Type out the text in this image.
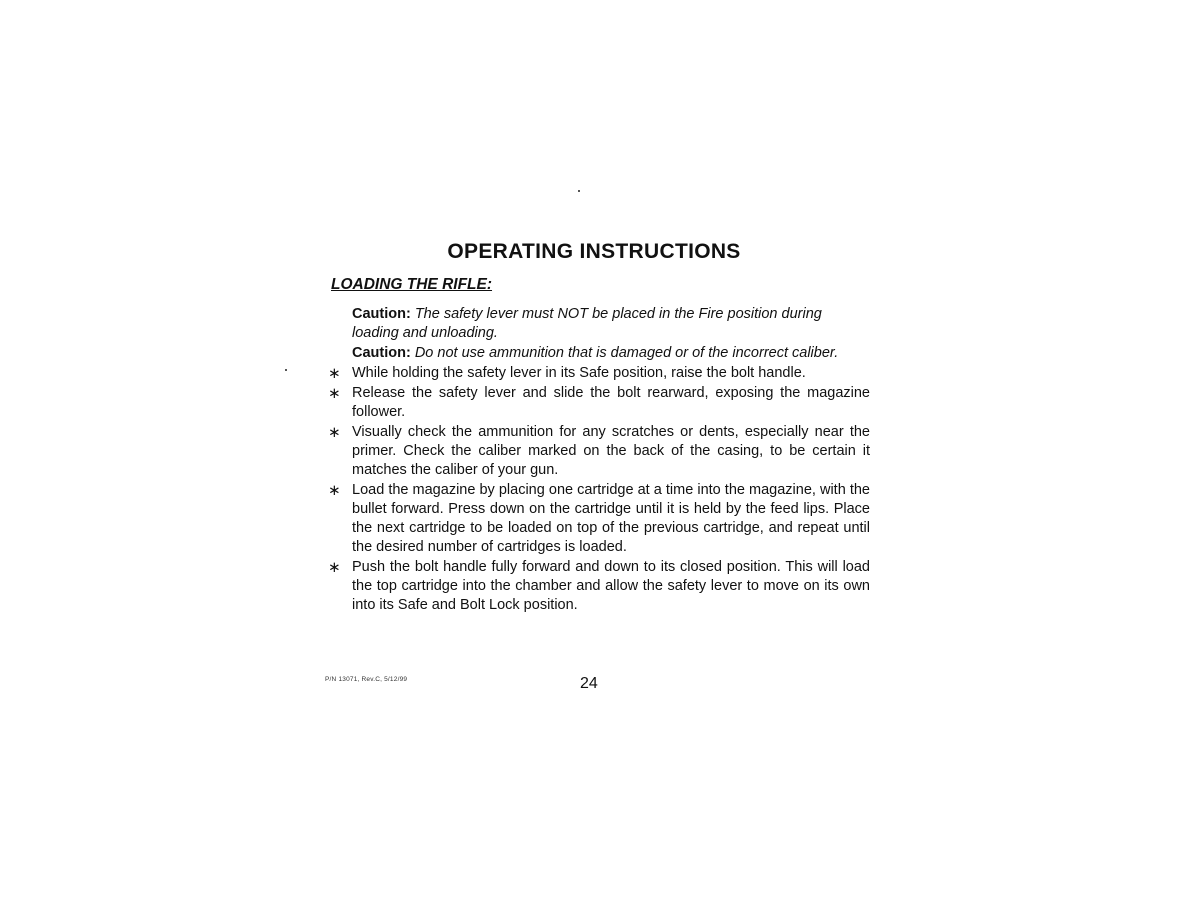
OPERATING INSTRUCTIONS
LOADING THE RIFLE:

Caution: The safety lever must NOT be placed in the Fire position during loading and unloading.

Caution: Do not use ammunition that is damaged or of the incorrect caliber.

∗ While holding the safety lever in its Safe position, raise the bolt handle.
∗ Release the safety lever and slide the bolt rearward, exposing the magazine follower.
∗ Visually check the ammunition for any scratches or dents, especially near the primer. Check the caliber marked on the back of the casing, to be certain it matches the caliber of your gun.
∗ Load the magazine by placing one cartridge at a time into the magazine, with the bullet forward. Press down on the cartridge until it is held by the feed lips. Place the next cartridge to be loaded on top of the previous cartridge, and repeat until the desired number of cartridges is loaded.
∗ Push the bolt handle fully forward and down to its closed position. This will load the top cartridge into the chamber and allow the safety lever to move on its own into its Safe and Bolt Lock position.
P/N 13071, Rev.C, 5/12/99	24
